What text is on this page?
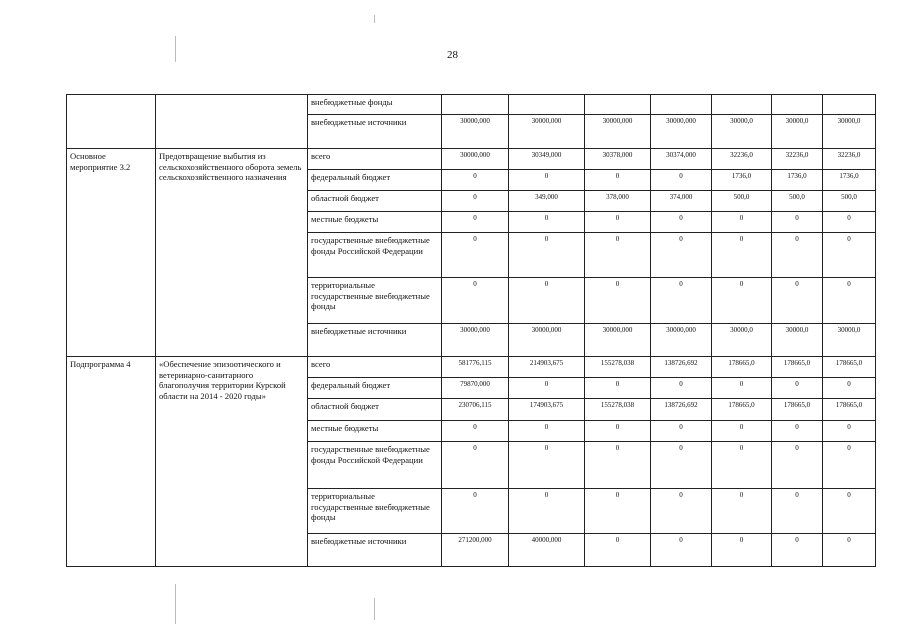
28
		внебюджетные фонды							
		внебюджетные источники	30000,000	30000,000	30000,000	30000,000	30000,0	30000,0	30000,0
Основное мероприятие 3.2	Предотвращение выбытия из сельскохозяйственного оборота земель сельскохозяйственного назначения	всего	30000,000	30349,000	30378,000	30374,000	32236,0	32236,0	32236,0
		федеральный бюджет	0	0	0	0	1736,0	1736,0	1736,0
		областной бюджет	0	349,000	378,000	374,000	500,0	500,0	500,0
		местные бюджеты	0	0	0	0	0	0	0
		государственные внебюджетные фонды Российской Федерации	0	0	0	0	0	0	0
		территориальные государственные внебюджетные фонды	0	0	0	0	0	0	0
		внебюджетные источники	30000,000	30000,000	30000,000	30000,000	30000,0	30000,0	30000,0
Подпрограмма 4	«Обеспечение эпизоотического и ветеринарно-санитарного благополучия территории Курской области на 2014 - 2020 годы»	всего	581776,115	214903,675	155278,038	138726,692	178665,0	178665,0	178665,0
		федеральный бюджет	79870,000	0	0	0	0	0	0
		областной бюджет	230706,115	174903,675	155278,038	138726,692	178665,0	178665,0	178665,0
		местные бюджеты	0	0	0	0	0	0	0
		государственные внебюджетные фонды Российской Федерации	0	0	0	0	0	0	0
		территориальные государственные внебюджетные фонды	0	0	0	0	0	0	0
		внебюджетные источники	271200,000	40000,000	0	0	0	0	0
